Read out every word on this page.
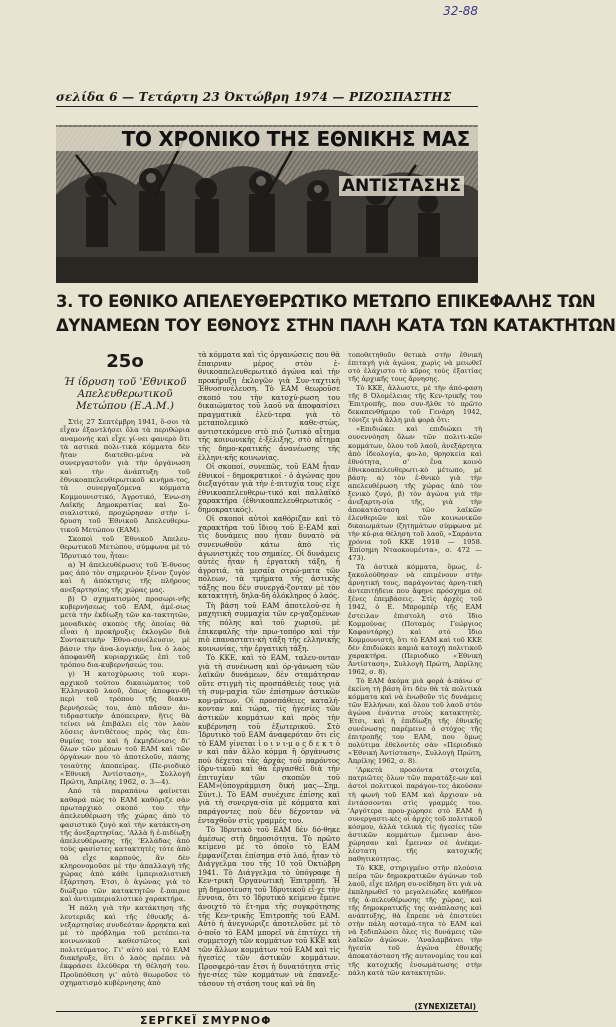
32-88
σελίδα 6 — Τετάρτη 23 Όκτώβρη 1974 — ΡΙΖΟΣΠΑΣΤΗΣ
ΤΟ ΧΡΟΝΙΚΟ ΤΗΣ ΕΘΝΙΚΗΣ ΜΑΣ
ΑΝΤΙΣΤΑΣΗΣ
3. ΤΟ ΕΘΝΙΚΟ ΑΠΕΛΕΥΘΕΡΩΤΙΚΟ ΜΕΤΩΠΟ ΕΠΙΚΕΦΑΛΗΣ ΤΩΝ
ΔΥΝΑΜΕΩΝ ΤΟΥ ΕΘΝΟΥΣ ΣΤΗΝ ΠΑΛΗ ΚΑΤΑ ΤΩΝ ΚΑΤΑΚΤΗΤΩΝ
25ο
Ή ίδρυση τοῦ 'Εθνικοῦ Απελευθερωτικοῦ Μετώπου (Ε.Α.Μ.)

Στὶς 27 Σεπτέμβρη 1941, ὅ-σοι τὰ εἶχαν ἐξαντλήσει ὅλα τὰ περιθώρια αναμονής καὶ εἶχε γί-νει φανερὸ ὅτι τὰ αστικά πολι-τικά κόμματα δὲν ἤταν διατεθει-μένα νὰ συνεργαστοῦν γιὰ τὴν ὀργάνωση καὶ τὴν ἀνάπτυξη τοῦ ἐθνικοαπελευθερωτικοῦ κινήμα-τος, τὰ συνεργαζόμενα κόμματα Κομμουνιστικό, Άγροτικό, Ένω-ση Λαϊκής Δημοκρατίας καὶ Σο-σιαλιστικό, προχώρησαν στὴν ί-δρυση τοῦ Έθνικοῦ Άπελευθερω-τικοῦ Μετώπου (ΕΑΜ).

Σκοποὶ τοῦ Έθνικοῦ Άπελευ-θερωτικοῦ Μετώπου, σύμφωνα μὲ τὸ Ίδρυτικό του, ἦταν:

α) Ή ἀπελευθέρωσις τοῦ Έ-θνους μας ἀπὸ τὸν σημερινὸν ξένον ζυγὸν καὶ ἡ ἀπόκτησις τῆς πλήρους ανεξαρτησίας τῆς χώρας μας.

β) Ό σχηματισμὸς προσωρι-νῆς κυβερνήσεως τοῦ ΕΑΜ, ἀμέ-σως μετὰ τὴν ἐκδίωξη τῶν κα-τακτητῶν, μοναδικὸς σκοπὸς τῆς ὁποίας θὰ εἶναι ἡ προκήρυξις ἐκλογῶν διὰ Συντακτικὴν Έθνο-συνέλευσιν, μὲ βάσιν τὴν ἀνα-λογικήν, ἵνα ὁ λαὸς ἀποφανθῆ κυριαρχικῶς ἐπὶ τοῦ τρόπου δια-κυβερνήσεώς του.

γ) Ή κατοχύρωσις τοῦ κυρι-αρχικοῦ τούτου δικαιώματος τοῦ Έλληνικοῦ λαοῦ, ὅπως ἀποφαν-θῆ περὶ τοῦ τρόπου τῆς διακυ-βερνήσεώς του, ἀπὸ πᾶσαν ἀν-τιδραστικὴν ἀπόπειραν, ἥτις θὰ τείνει νὰ ἐπιβάλει εἰς τὸν λαὸν λύσεις ἀντιθέτους πρὸς τὰς ἐπι-θυμίας του καὶ ἡ ἐκμηδένισις δι' ὅλων τῶν μέσων τοῦ ΕΑΜ καὶ τῶν ὀργάνων που τὸ ἀποτελοῦν, πάσης τοιαύτης ἀποπείρας. (Πε-ριοδικὸ «Έθνική Άντίσταση», Συλλογή Πρώτη, Άπρίλης 1962, σ. 3—4).

Από τὰ παραπάνω φαίνεται καθαρά πὼς τὸ ΕΑΜ καθόριζε σὰν πρωταρχικὸ σκοπό του τὴν ἀπελευθέρωση τῆς χώρας ἀπὸ τὸ φασιστικὸ ζυγὸ καὶ τὴν κατάκτη-ση τῆς ἀνεξαρτησίας. 'Αλλὰ ἡ ἐ-πιδίωξη ἀπελευθέρωσης τῆς 'Ελλάδας ἀπὸ τοὺς φασίστες κατακτητὲς τότε ἀπὸ θὰ εἶχε καρπούς, ἂν δὲν κληρονομοῦσε μὲ τὴν ἀπαλλαγὴ τῆς χώρας ἀπὸ κάθε ἱμπεριαλιστικὴ ἐξάρτηση. Έτσι, ὁ ἀγώνας γιὰ τὸ διώξιμο τῶν κατακτητῶν ἔ-παιρνε καὶ ἀντιιμπεριαλιστικὸ χαρακτήρα.

Ή πάλη γιὰ τὴν κατάκτηση τῆς λευτεριᾶς καὶ τῆς ἐθνικῆς ἀ-νεξαρτησίας συνδεόταν ἄρρηκτα καὶ μὲ τὸ πρόβλημα τοῦ μετέπει-τα κοινωνικοῦ καθεστῶτος καὶ πολιτεύματος. Γι' αὐτὸ καὶ τὸ ΕΑΜ διακήρυξε, ὅτι ὁ λαὸς πρέπει νὰ ἐκφράσει ἐλεύθερα τὴ θέλησή του. Προϋπόθεση γι' αὐτὸ θεωροῦσε τὸ σχηματισμὸ κυβέρνησης ἀπὸ

τὰ κόμματα καὶ τὶς ὀργανώσεις που θὰ ἔπαιρναν μέρος στὸν ἐ-θνικοαπελευθερωτικό ἀγώνα καὶ τὴν προκήρυξη ἐκλογῶν γιὰ Συν-ταχτικὴ Έθνοσυνέλευση. Τὸ ΕΑΜ θεωροῦσε σκοπό του τὴν κατοχύ-ρωση του δικαιώματος τοῦ λαοῦ νὰ ἀποφασίσει πραγματικὰ ἐλεύ-τερα γιὰ τὸ μεταπολεμικὸ καθε-στὼς, αντιστεκόμενο στὸ πιὸ ζωτικὸ αἴτημα τῆς κοινωνικῆς ἐ-ξέλιξης, στὸ αἴτημα τῆς δημο-κρατικῆς ἀνανέωσης τῆς ἑλληνι-κῆς κοινωνίας.

Οἱ σκοποί, συνεπῶς, τοῦ ΕΑΜ ἦταν ἐθνικοί - δημοκρατικοί · ὁ ἀγώνας που διεξαγόταν γιὰ τὴν ἐ-πιτυχία τους εἶχε ἐθνικοαπελευθερω-τικό καὶ παλλαϊκό χαρακτήρα (ἐθνικοαπελευθερωτικός - δημοκρατικός).

Οἱ σκοποὶ αὐτοὶ καθόριζαν καὶ τὸ χαρακτήρα τοῦ ἴδιου τοῦ Ε-ΕΑΜ καὶ τὶς δυνάμεις που ἦταν δυνατὸ νὰ συνενωθοῦν κάτω ἀπὸ τὶς ἀγωνιστικὲς του σημαίες. Οἱ δυνάμεις αὐτὲς ἦταν ἡ ἐργατικὴ τάξη, ἡ ἀγροτιά, τὰ μεσαῖα στρώ-ματα τῶν πόλεων, τὰ τμήματα τῆς ἀστικῆς τάξης που δὲν συνεργά-ζονταν μὲ τὸν κατακτητή, δηλα-δὴ ὁλόκληρος ὁ λαός.

Τὴ βάση τοῦ ΕΑΜ ἀποτελοῦ-σε ἡ μαχητικὴ συμμαχία τῶν ερ-γαζομένων τῆς πόλης καὶ τοῦ χωριοῦ, μὲ ἐπικεφαλῆς τὴν πρω-τοπόρο καὶ τὴν πιὸ επαναστατι-κὴ τάξη τῆς ελληνικῆς κοινωνίας, τὴν ἐργατικὴ τάξη.

Τὸ ΚΚΕ, καὶ τὸ ΕΑΜ, ταλευ-ονταν γιὰ τὴ συνένωση καὶ όρ-γάνωση τῶν λαϊκῶν δυνάμεων, δὲν σταμάτησαν οὔτε στιγμὴ τὶς προσπάθειές τους γιὰ τὴ συμ-μαχία τῶν ἐπίσημων ἀστικῶν κομ-μάτων. Οἱ προσπάθειες καταλή-κονταν καὶ τώρα, τὶς ἡγεσίες τῶν ἀστικῶν κομμάτων καὶ πρὸς τὴν κυβέρνηση τοῦ ἐξωτερικοῦ. Στὸ Ίδρυτικὸ τοῦ ΕΑΜ ἀναφερόταν ὅτι εἰς τὸ ΕΑΜ γίνεται ἱ ο ι ν ι-μ ο ς δ ε κ τ ὸ ν καὶ πᾶν ἄλλο κόμμα ἢ ὀργάνωσις ποὺ δέχεται τὰς ἀρχὰς τοῦ παρόντος ἰδρυ-τικοῦ καὶ θὰ ἐργασθεῖ διὰ τὴν ἐπιτυχίαν τῶν σκοπῶν τοῦ ΕΑΜ»(ύπογράμμιση δική μας—Σημ. Σύντ.). Τὸ ΕΑΜ συνέχισε ἐπίσης καὶ γιὰ τὴ συνεργα-σία μὲ κόμματα καὶ παράγοντες ποὺ δὲν δέχονταν νὰ ἐνταχθοῦν στὶς γραμμές του.

Τὸ Ίδρυτικὸ τοῦ ΕΑΜ δὲν δό-θηκε ἀμέσως στὴ δημοσιότητα. Τὸ πρῶτο κείμενο μὲ τὸ ὁποῖο τὸ ΕΑΜ ἐμφανίζεται ἐπίσημα στὸ λαό, ἦταν τὸ Διάγγελμα του τῆς 10 τοῦ Όκτώβρη 1941. Τὸ Διάγγελμα τὸ ὑπόγραφε ἡ Κεν-τρικὴ Όργανωτικὴ Έπιτροπή. Ή μὴ δημοσίευση τοῦ Ίδρυτικοῦ εἶ-χε τὴν ἔννοια, ὅτι τὸ Ίδρυτικὸ κείμενο ἔμενε ἀνοιχτὸ τὸ ἔτ-ημα τῆς συγκρότησης τῆς Κεν-τρικῆς Έπιτροπῆς τοῦ ΕΑΜ. Αὐτὸ ἡ ἀνεγνώριζε ἀποτελοῦσε μὲ τὸ ὁ-ποῖο τὸ ΕΑΜ μπορεῖ νὰ ἐπιτύχει τὴ συμμετοχὴ τῶν κομμάτων τοῦ ΚΚΕ καὶ τῶν ἄλλων κομμάτων τοῦ ΕΑΜ καὶ τὶς ἡγεσίες τῶν ἀστικῶν κομμάτων. Προσφερό-ταν ἔτσι ἡ δυνατότητα στὶς ἡγε-σίες τῶν κομμάτων νὰ ἐπανεξε-τάσουν τὴ στάση τους καὶ νὰ δη

τοποθετηθοῦν θετικὰ στὴν ἐθνική ἐπιταγὴ γιὰ ἀγώνα, χωρὶς νὰ μειωθεῖ στὸ ἐλάχιστο τὸ κῦρος τοὺς ἐξαιτίας τῆς ἀρχικῆς τους ἄρνησης.

Τὸ ΚΚΕ, ἄλλωστε, μὲ τὴν ἀπό-φαση τῆς 8 Όλομέλειας τῆς Κεν-τρικῆς του Έπιτροπῆς, που συν-ῆλθε τὸ πρῶτο δεκαπενθήμερο τοῦ Γενάρη 1942, τόνιζε γιὰ ἄλλη μιὰ φορὰ ὅτι:

«Επιδιώκει καὶ επιδιώκει τὴ συνεννόηση ὅλων τῶν πολιτι-κῶν κομμάτων, ὅλου τοῦ λαοῦ, ἀνεξάρτητα ἀπὸ ἰδεολογία, φυ-λο, θρησκεία καὶ ἐθνότητα, σ' ἕνα κοινὸ ἐθνικοαπελευθερωτι-κὸ μέτωπο, μὲ βάση: α) τὸν ἐ-θνικὸ γιὰ τὴν απελευθέρωση τῆς χώρας ἀπὸ τὸν ξενικὸ ζυγό, β) τὸν ἀγώνα γιὰ τὴν ἀνεξαρτη-σία τῆς, γιὰ τὴν ἀποκατάσταση τῶν λαϊκῶν ἐλευθεριῶν καὶ τῶν κοινωνικῶν δικαιωμάτων (ζητημάτων σύμφωνα μὲ τὴν κύ-ρια θέληση τοῦ λαοῦ, «Σαράντα χρόνια τοῦ ΚΚΕ 1918 — 1958. Έπίσημη Νταοκουμέντα», σ. 472 — 473).

Τὰ ἀστικὰ κόμματα, ὅμως, ἐ-ξακολούθησαν νὰ επιμένουν στὴν ἀρνητική τους, παράγοντας ἀρνη-τικὴ ἀντεπιτήδεια που ἄφηνε πρόσχημα σὲ ξένες ἐπεμβάσεις. Στὶς ἀρχές τοῦ 1942, ὁ Ε. Μπρομπέρ τῆς ΕΑΜ ἔστειλαν ἐπιστολὴ στὸ Ίδιο Κομμούνας (Ποταμός Γεώργιος Καφαντάρης) καὶ στὸ Ίδιο Κομμουνιστή, ὅτι τὸ ΕΑΜ καὶ τοῦ ΚΚΕ δὲν ἐπιδιώκει καμιὰ κατοχὴ πολιτικοῦ χαρακτήρα. (Περιοδικὸ «Έθνική Άντίσταση», Συλλογὴ Πρώτη, Άπρίλης 1962, σ. 8).

Τὸ ΕΑΜ ἀκόμα μιὰ φορὰ ἀ-πάνω σ' ἐκείνη τὴ βάση ὅτι δὲν θὰ τὰ πολιτικὰ κόμματα καὶ νὰ ἐνωθοῦν τὶς δυνάμεις τῶν Ελλήνων, καὶ ὅλου τοῦ λαοῦ στὸν ἀγώνα ἐνάντια στοὺς κατακτητές. Έτσι, καὶ ἡ ἐπιδίωξη τῆς ἐθνικῆς συνένωσης παρέμεινε ὁ στόχος τῆς ἐπιτροπῆς του ΕΑΜ, που ὅμως πολύτιμα ἐθελοντὲς σὰν «Περιοδικὸ «Έθνική Άντίσταση», Συλλογὴ Πρώτη, Άπρίλης 1962, σ. 8).

'Αρκετὰ προσόντα στοιχεῖα, πατριῶτες ὅλων τῶν παρατάξε-ων καὶ ἀστοὶ πολιτικοὶ παράγον-τες ἀκούσαν τὴ φωνὴ τοῦ ΕΑΜ καὶ ἄρχισαν νὰ ἐντάσσονται στὶς γραμμές του. 'Αργότερα πρου-χώρησε στὸ ΕΑΜ ἡ συνεργαστι-κὲς οἱ ἀρχὲς τοῦ πολιτικοῦ κόσμου, ἀλλά τελικὰ τὶς ἡγεσίες τῶν ἀστικῶν κομμάτων ἔμειναν ἀνο-χώρησαν καὶ ἔμειναν σὲ ἀνέκμε-λέστατη τῆς κατοχικῆς παθητικότητας.

Τὸ ΚΚΕ, στηριγμένο στὴν πλούσια πείρα τῶν δημοκρατικῶν ἀγώνων τοῦ λαοῦ, εἶχε πλήρη συ-νείδηση ὅτι γιὰ νὰ ἐκπληρωθεῖ τὸ μεγαλειώδες καθῆκον τῆς ἀ-πελευθέρωσης τῆς χώρας, καὶ τῆς δημοκρατικῆς της ανάπλασης καὶ ανάπτυξης, θὰ ἔπρεπε νὰ ἐπιστεύει στὴν πάλη ασταμά-τητα τὸ ΕΑΜ καὶ νὰ ξεδιπλώσει ὅλες τὶς δυνάμεις τῶν λαϊκῶν ἀγώνων. 'Αναλαμβάνει τὴν ἡγεσία τοῦ ἀγώνα ἐθνικῆς ἀποκατάσταση τῆς αυτονομίας του καὶ τῆς κατοχικῆς ἐνσωμάτωσης στὴν πάλη κατὰ τῶν κατακτητῶν.

(ΣΥΝΕΧΙΖΕΤΑΙ)
ΣΕΡΓΚΕΪ ΣΜΥΡΝΟΦ
